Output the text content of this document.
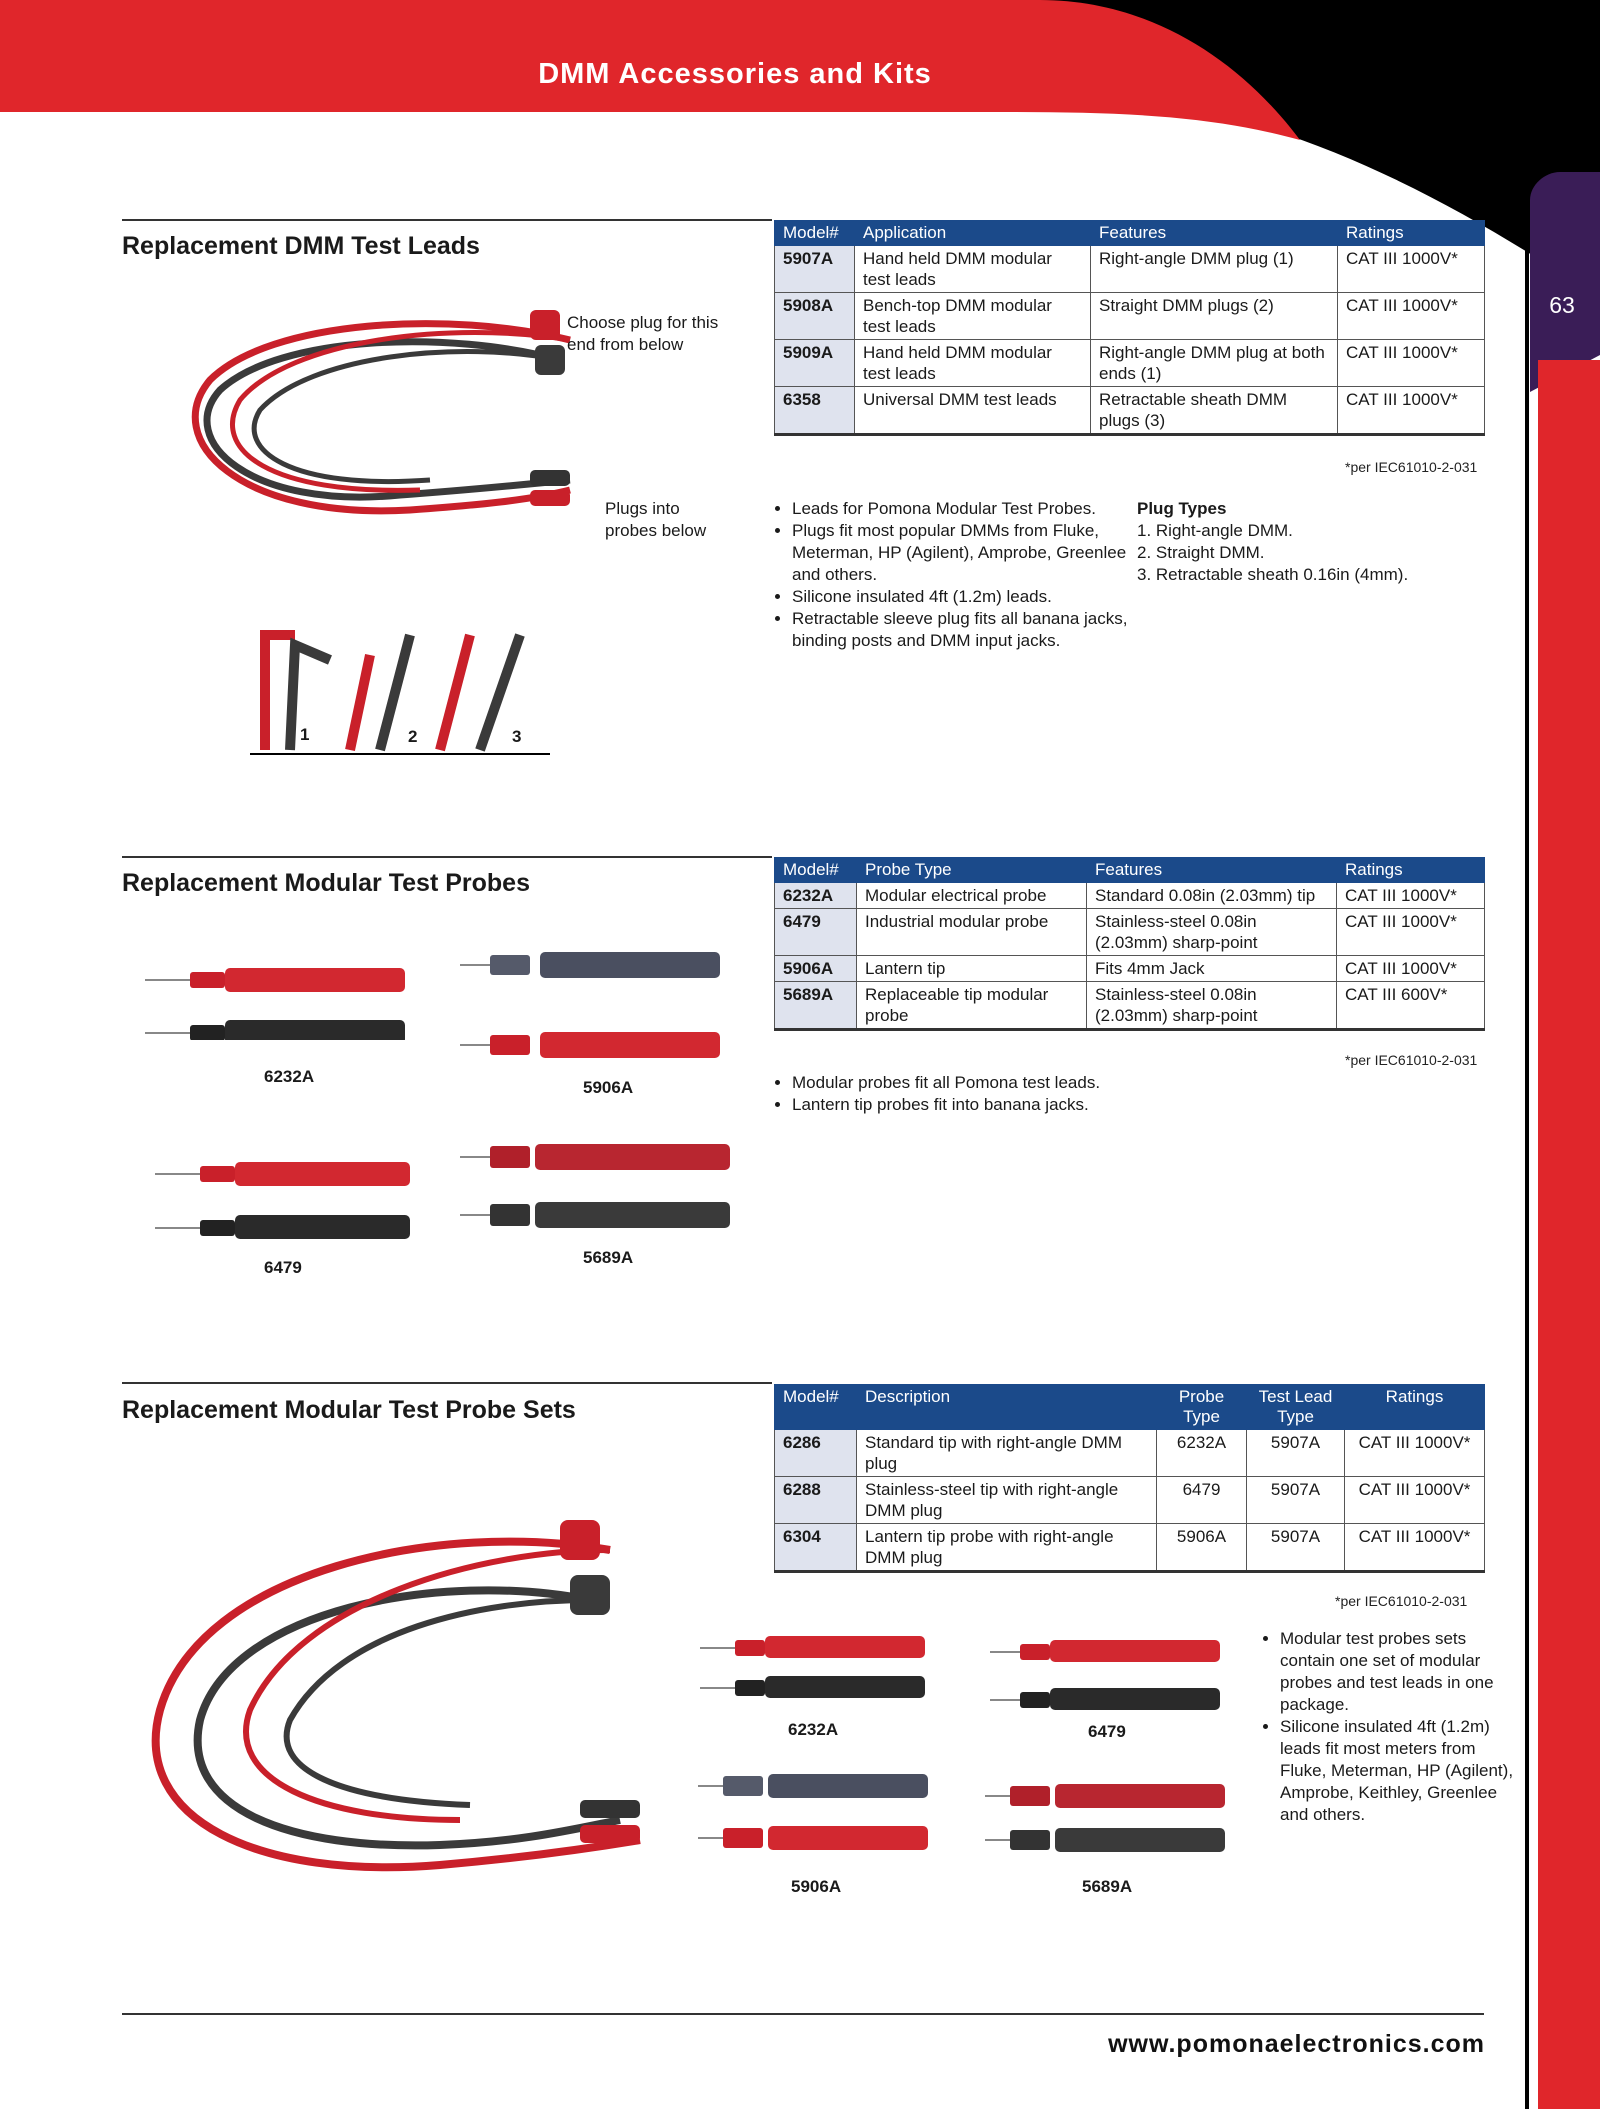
DMM Accessories and Kits
63
Replacement DMM Test Leads
Choose plug for this end from below
Plugs into probes below
1	2	3
Model#	Application	Features	Ratings
5907A	Hand held DMM modular test leads	Right-angle DMM plug (1)	CAT III 1000V*
5908A	Bench-top DMM modular test leads	Straight DMM plugs (2)	CAT III 1000V*
5909A	Hand held DMM modular test leads	Right-angle DMM plug at both ends (1)	CAT III 1000V*
6358	Universal DMM test leads	Retractable sheath DMM plugs (3)	CAT III 1000V*
*per IEC61010-2-031
• Leads for Pomona Modular Test Probes.
• Plugs fit most popular DMMs from Fluke, Meterman, HP (Agilent), Amprobe, Greenlee and others.
• Silicone insulated 4ft (1.2m) leads.
• Retractable sleeve plug fits all banana jacks, binding posts and DMM input jacks.
Plug Types
1. Right-angle DMM.
2. Straight DMM.
3. Retractable sheath 0.16in (4mm).
Replacement Modular Test Probes
6232A
5906A
6479
5689A
Model#	Probe Type	Features	Ratings
6232A	Modular electrical probe	Standard 0.08in (2.03mm) tip	CAT III 1000V*
6479	Industrial modular probe	Stainless-steel 0.08in (2.03mm) sharp-point	CAT III 1000V*
5906A	Lantern tip	Fits 4mm Jack	CAT III 1000V*
5689A	Replaceable tip modular probe	Stainless-steel 0.08in (2.03mm) sharp-point	CAT III 600V*
*per IEC61010-2-031
• Modular probes fit all Pomona test leads.
• Lantern tip probes fit into banana jacks.
Replacement Modular Test Probe Sets
6232A	6479
5906A	5689A
Model#	Description	Probe Type	Test Lead Type	Ratings
6286	Standard tip with right-angle DMM plug	6232A	5907A	CAT III 1000V*
6288	Stainless-steel tip with right-angle DMM plug	6479	5907A	CAT III 1000V*
6304	Lantern tip probe with right-angle DMM plug	5906A	5907A	CAT III 1000V*
*per IEC61010-2-031
• Modular test probes sets contain one set of modular probes and test leads in one package.
• Silicone insulated 4ft (1.2m) leads fit most meters from Fluke, Meterman, HP (Agilent), Amprobe, Keithley, Greenlee and others.
www.pomonaelectronics.com
